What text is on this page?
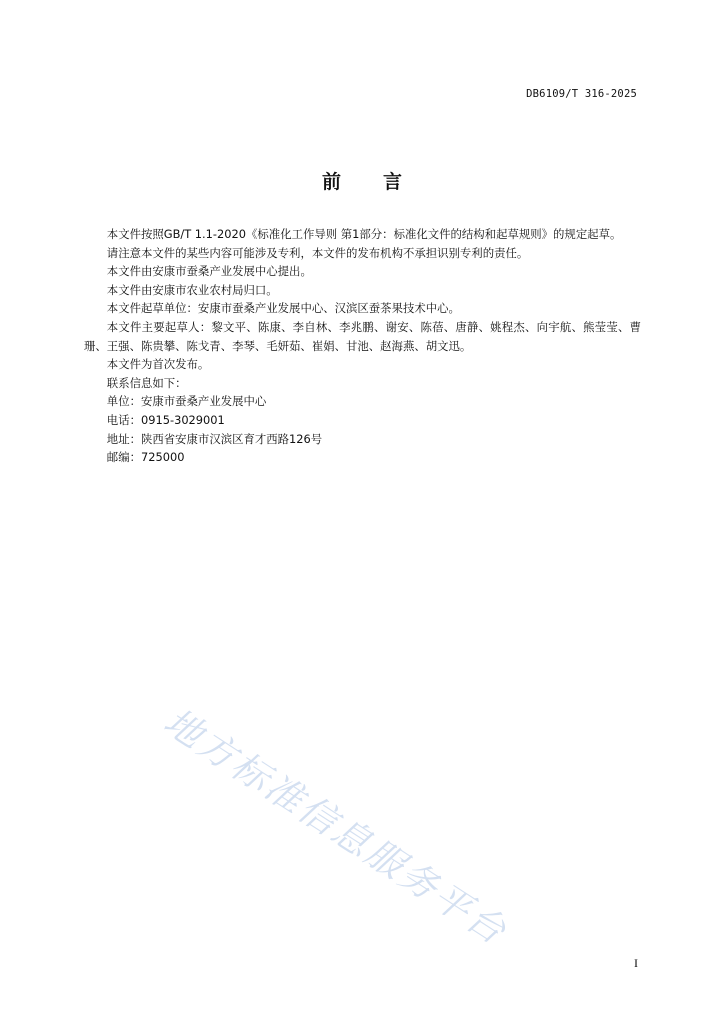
DB6109/T 316-2025
前 言

本文件按照GB/T 1.1-2020《标准化工作导则 第1部分：标准化文件的结构和起草规则》的规定起草。

请注意本文件的某些内容可能涉及专利，本文件的发布机构不承担识别专利的责任。

本文件由安康市蚕桑产业发展中心提出。

本文件由安康市农业农村局归口。

本文件起草单位：安康市蚕桑产业发展中心、汉滨区蚕茶果技术中心。

本文件主要起草人：黎文平、陈康、李自林、李兆鹏、谢安、陈蓓、唐静、姚程杰、向宇航、熊莹莹、曹珊、王强、陈贵攀、陈戈青、李琴、毛妍茹、崔娟、甘池、赵海燕、胡文迅。

本文件为首次发布。

联系信息如下：

单位：安康市蚕桑产业发展中心

电话：0915-3029001

地址：陕西省安康市汉滨区育才西路126号

邮编：725000

地方标准信息服务平台
I
